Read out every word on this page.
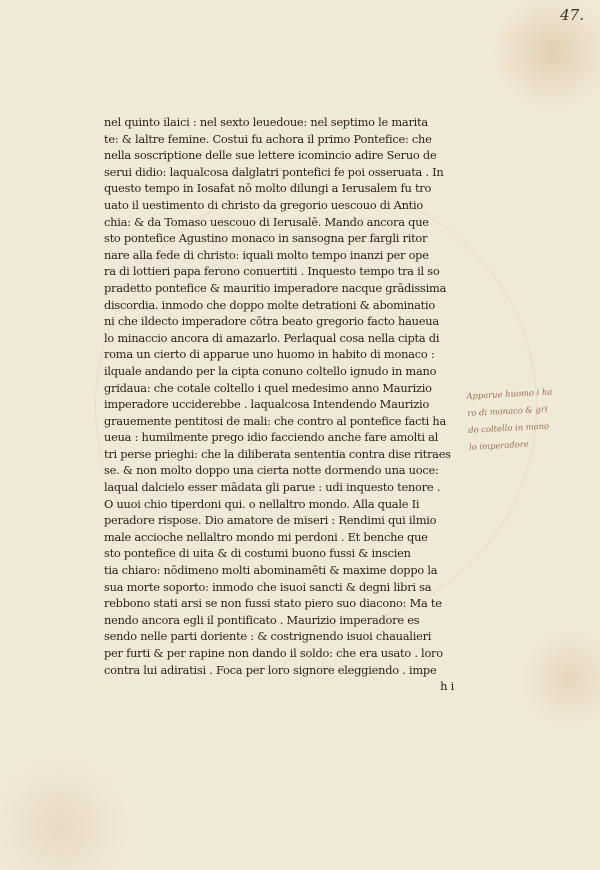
47.
nel quinto ilaici : nel sexto leuedoue: nel septimo le marita
te: & laltre femine. Costui fu achora il primo Pontefice: che
nella soscriptione delle sue lettere icomincio adire Seruo de
serui didio: laqualcosa dalglatri pontefici fe poi osseruata . In
questo tempo in Iosafat nō molto dilungi a Ierusalem fu tro
uato il uestimento di christo da gregorio uescouo di Antio
chia: & da Tomaso uescouo di Ierusalē. Mando ancora que
sto pontefice Agustino monaco in sansogna per fargli ritor
nare alla fede di christo: iquali molto tempo inanzi per ope
ra di lottieri papa ferono conuertiti . Inquesto tempo tra il so
pradetto pontefice & mauritio imperadore nacque grādissima
discordia. inmodo che doppo molte detrationi & abominatio
ni che ildecto imperadore cōtra beato gregorio facto haueua
lo minaccio ancora di amazarlo. Perlaqual cosa nella cipta di
roma un cierto di apparue uno huomo in habito di monaco :
ilquale andando per la cipta conuno coltello ignudo in mano
gridaua: che cotale coltello i quel medesimo anno Maurizio
imperadore ucciderebbe . laqualcosa Intendendo Maurizio
grauemente pentitosi de mali: che contro al pontefice facti ha
ueua : humilmente prego idio facciendo anche fare amolti al
tri perse prieghi: che la diliberata sententia contra dise ritraes
se. & non molto doppo una cierta notte dormendo una uoce:
laqual dalcielo esser mādata gli parue : udi inquesto tenore .
O uuoi chio tiperdoni qui. o nellaltro mondo. Alla quale Ii
peradore rispose. Dio amatore de miseri : Rendimi qui ilmio
male accioche nellaltro mondo mi perdoni . Et benche que
sto pontefice di uita & di costumi buono fussi & inscien
tia chiaro: nōdimeno molti abominamēti & maxime doppo la
sua morte soporto: inmodo che isuoi sancti & degni libri sa
rebbono stati arsi se non fussi stato piero suo diacono: Ma te
nendo ancora egli il pontificato . Maurizio imperadore es
sendo nelle parti doriente : & costrignendo isuoi chaualieri
per furti & per rapine non dando il soldo: che era usato . loro
contra lui adiratisi . Foca per loro signore eleggiendo . impe
h i
Apparue huomo i ha
ro di monaco & gri
do coltello in mano
lo imperadore
